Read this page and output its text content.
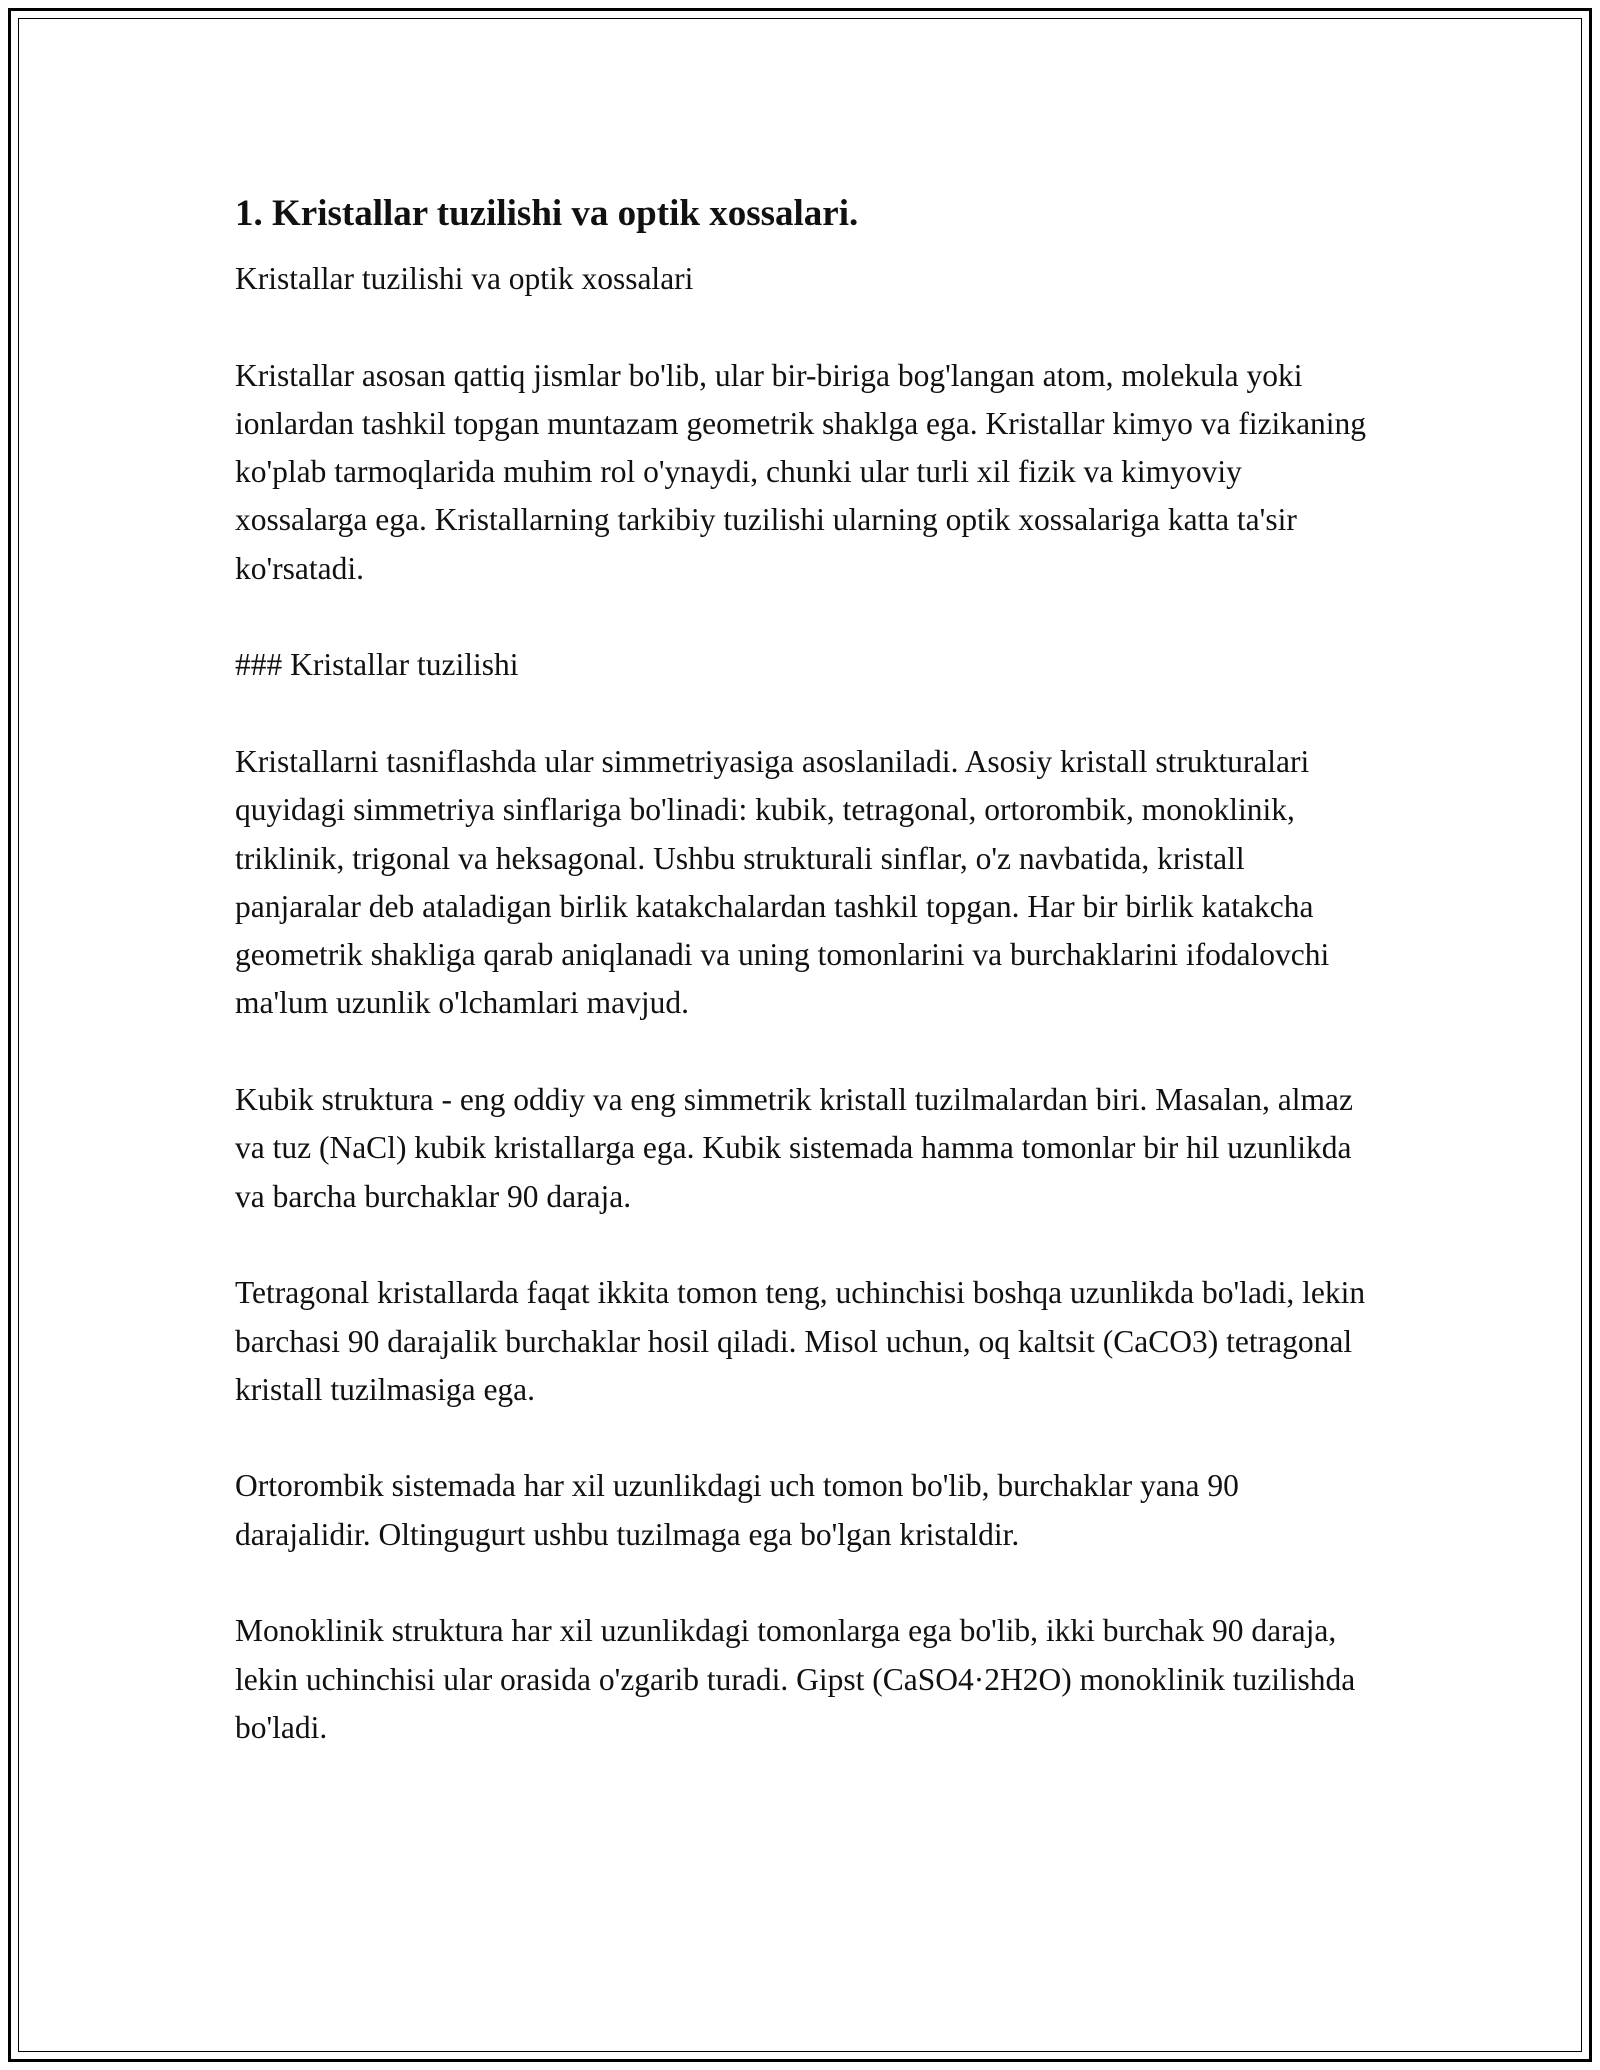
1. Kristallar tuzilishi va optik xossalari.

Kristallar tuzilishi va optik xossalari

Kristallar asosan qattiq jismlar bo'lib, ular bir-biriga bog'langan atom, molekula yoki ionlardan tashkil topgan muntazam geometrik shaklga ega. Kristallar kimyo va fizikaning ko'plab tarmoqlarida muhim rol o'ynaydi, chunki ular turli xil fizik va kimyoviy xossalarga ega. Kristallarning tarkibiy tuzilishi ularning optik xossalariga katta ta'sir ko'rsatadi.

### Kristallar tuzilishi

Kristallarni tasniflashda ular simmetriyasiga asoslaniladi. Asosiy kristall strukturalari quyidagi simmetriya sinflariga bo'linadi: kubik, tetragonal, ortorombik, monoklinik, triklinik, trigonal va heksagonal. Ushbu strukturali sinflar, o'z navbatida, kristall panjaralar deb ataladigan birlik katakchalardan tashkil topgan. Har bir birlik katakcha geometrik shakliga qarab aniqlanadi va uning tomonlarini va burchaklarini ifodalovchi ma'lum uzunlik o'lchamlari mavjud.

Kubik struktura - eng oddiy va eng simmetrik kristall tuzilmalardan biri. Masalan, almaz va tuz (NaCl) kubik kristallarga ega. Kubik sistemada hamma tomonlar bir hil uzunlikda va barcha burchaklar 90 daraja.

Tetragonal kristallarda faqat ikkita tomon teng, uchinchisi boshqa uzunlikda bo'ladi, lekin barchasi 90 darajalik burchaklar hosil qiladi. Misol uchun, oq kaltsit (CaCO3) tetragonal kristall tuzilmasiga ega.

Ortorombik sistemada har xil uzunlikdagi uch tomon bo'lib, burchaklar yana 90 darajalidir. Oltingugurt ushbu tuzilmaga ega bo'lgan kristaldir.

Monoklinik struktura har xil uzunlikdagi tomonlarga ega bo'lib, ikki burchak 90 daraja, lekin uchinchisi ular orasida o'zgarib turadi. Gipst (CaSO4·2H2O) monoklinik tuzilishda bo'ladi.
